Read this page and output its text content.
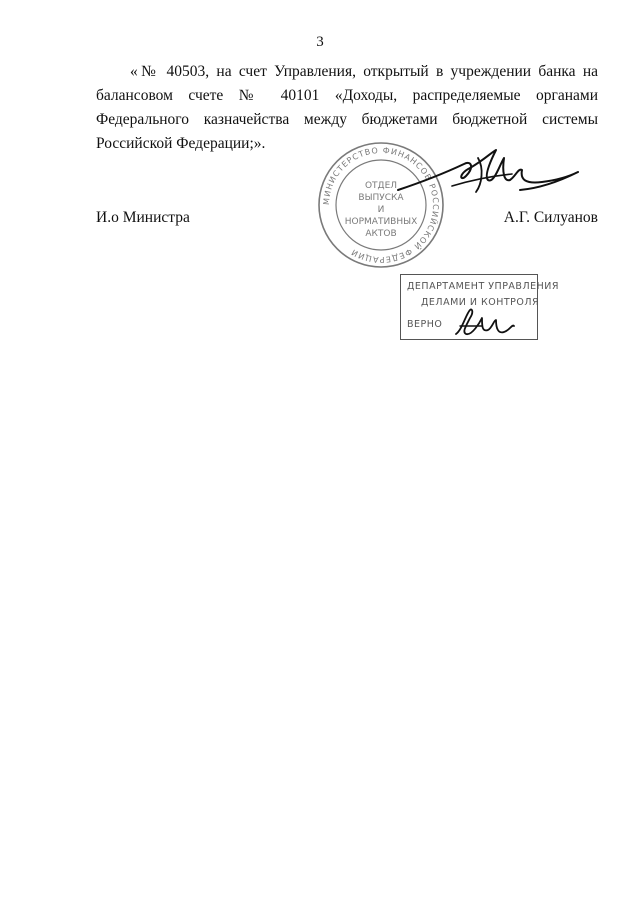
3

«№ 40503, на счет Управления, открытый в учреждении банка на балансовом счете № 40101 «Доходы, распределяемые органами Федерального казначейства между бюджетами бюджетной системы Российской Федерации;».

И.о Министра	А.Г. Силуанов
МИНИСТЕРСТВО ФИНАНСОВ РОССИЙСКОЙ ФЕДЕРАЦИИ
ОТДЕЛ
ВЫПУСКА
И
НОРМАТИВНЫХ
АКТОВ
ДЕПАРТАМЕНТ УПРАВЛЕНИЯ
ДЕЛАМИ И КОНТРОЛЯ
ВЕРНО
